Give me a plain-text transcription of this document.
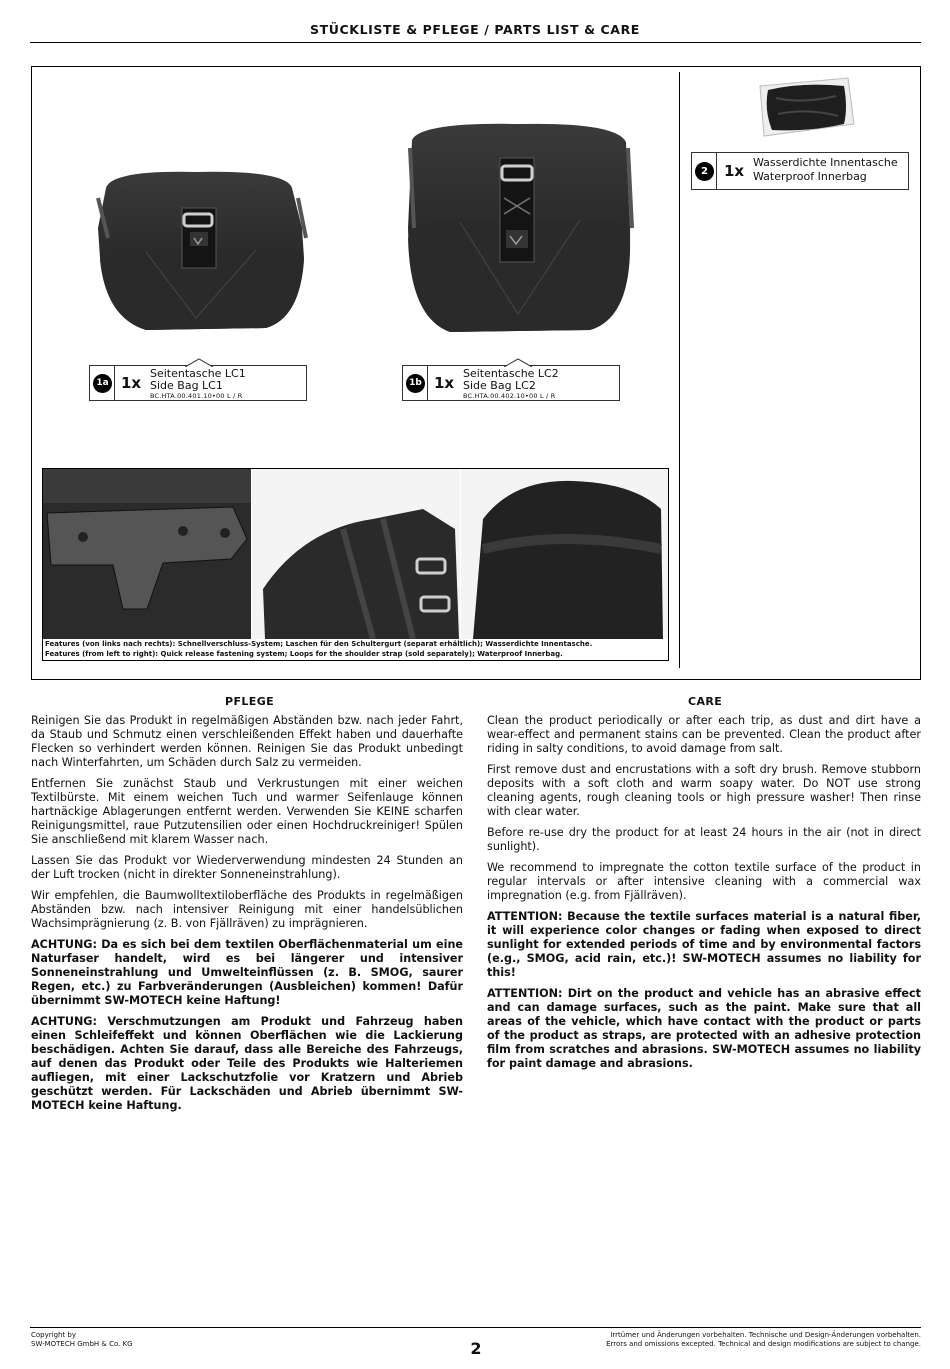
STÜCKLISTE & PFLEGE / PARTS LIST & CARE
1a 1x
Seitentasche LC1
Side Bag LC1
BC.HTA.00.401.10•00 L / R
1b 1x
Seitentasche LC2
Side Bag LC2
BC.HTA.00.402.10•00 L / R
2	1x Wasserdichte Innentasche
Waterproof Innerbag
Features (von links nach rechts): Schnellverschluss-System; Laschen für den Schultergurt (separat erhältlich); Wasserdichte Innentasche.
Features (from left to right): Quick release fastening system; Loops for the shoulder strap (sold separately); Waterproof Innerbag.
PFLEGE

Reinigen Sie das Produkt in regelmäßigen Abständen bzw. nach jeder Fahrt, da Staub und Schmutz einen verschleißenden Effekt haben und dauerhafte Flecken so verhindert werden können. Reinigen Sie das Produkt unbedingt nach Winterfahrten, um Schäden durch Salz zu vermeiden.

Entfernen Sie zunächst Staub und Verkrustungen mit einer weichen Textilbürste. Mit einem weichen Tuch und warmer Seifenlauge können hartnäckige Ablagerungen entfernt werden. Verwenden Sie KEINE scharfen Reinigungsmittel, raue Putzutensilien oder einen Hochdruckreiniger! Spülen Sie anschließend mit klarem Wasser nach.

Lassen Sie das Produkt vor Wiederverwendung mindesten 24 Stunden an der Luft trocken (nicht in direkter Sonneneinstrahlung).

Wir empfehlen, die Baumwolltextiloberfläche des Produkts in regelmäßigen Abständen bzw. nach intensiver Reinigung mit einer handelsüblichen Wachsimprägnierung (z. B. von Fjällräven) zu imprägnieren.

ACHTUNG: Da es sich bei dem textilen Oberflächenmaterial um eine Naturfaser handelt, wird es bei längerer und intensiver Sonneneinstrahlung und Umwelteinflüssen (z. B. SMOG, saurer Regen, etc.) zu Farbveränderungen (Ausbleichen) kommen! Dafür übernimmt SW-MOTECH keine Haftung!

ACHTUNG: Verschmutzungen am Produkt und Fahrzeug haben einen Schleifeffekt und können Oberflächen wie die Lackierung beschädigen. Achten Sie darauf, dass alle Bereiche des Fahrzeugs, auf denen das Produkt oder Teile des Produkts wie Halteriemen aufliegen, mit einer Lackschutzfolie vor Kratzern und Abrieb geschützt werden. Für Lackschäden und Abrieb übernimmt SW-MOTECH keine Haftung.

CARE

Clean the product periodically or after each trip, as dust and dirt have a wear-effect and permanent stains can be prevented. Clean the product after riding in salty conditions, to avoid damage from salt.

First remove dust and encrustations with a soft dry brush. Remove stubborn deposits with a soft cloth and warm soapy water. Do NOT use strong cleaning agents, rough cleaning tools or high pressure washer! Then rinse with clear water.

Before re-use dry the product for at least 24 hours in the air (not in direct sunlight).

We recommend to impregnate the cotton textile surface of the product in regular intervals or after intensive cleaning with a commercial wax impregnation (e.g. from Fjällräven).

ATTENTION: Because the textile surfaces material is a natural fiber, it will experience color changes or fading when exposed to direct sunlight for extended periods of time and by environmental factors (e.g., SMOG, acid rain, etc.)! SW-MOTECH assumes no liability for this!

ATTENTION: Dirt on the product and vehicle has an abrasive effect and can damage surfaces, such as the paint. Make sure that all areas of the vehicle, which have contact with the product or parts of the product as straps, are protected with an adhesive protection film from scratches and abrasions. SW-MOTECH assumes no liability for paint damage and abrasions.

Copyright by
SW-MOTECH GmbH & Co. KG	2
Irrtümer und Änderungen vorbehalten. Technische und Design-Änderungen vorbehalten.
Errors and omissions excepted. Technical and design modifications are subject to change.
